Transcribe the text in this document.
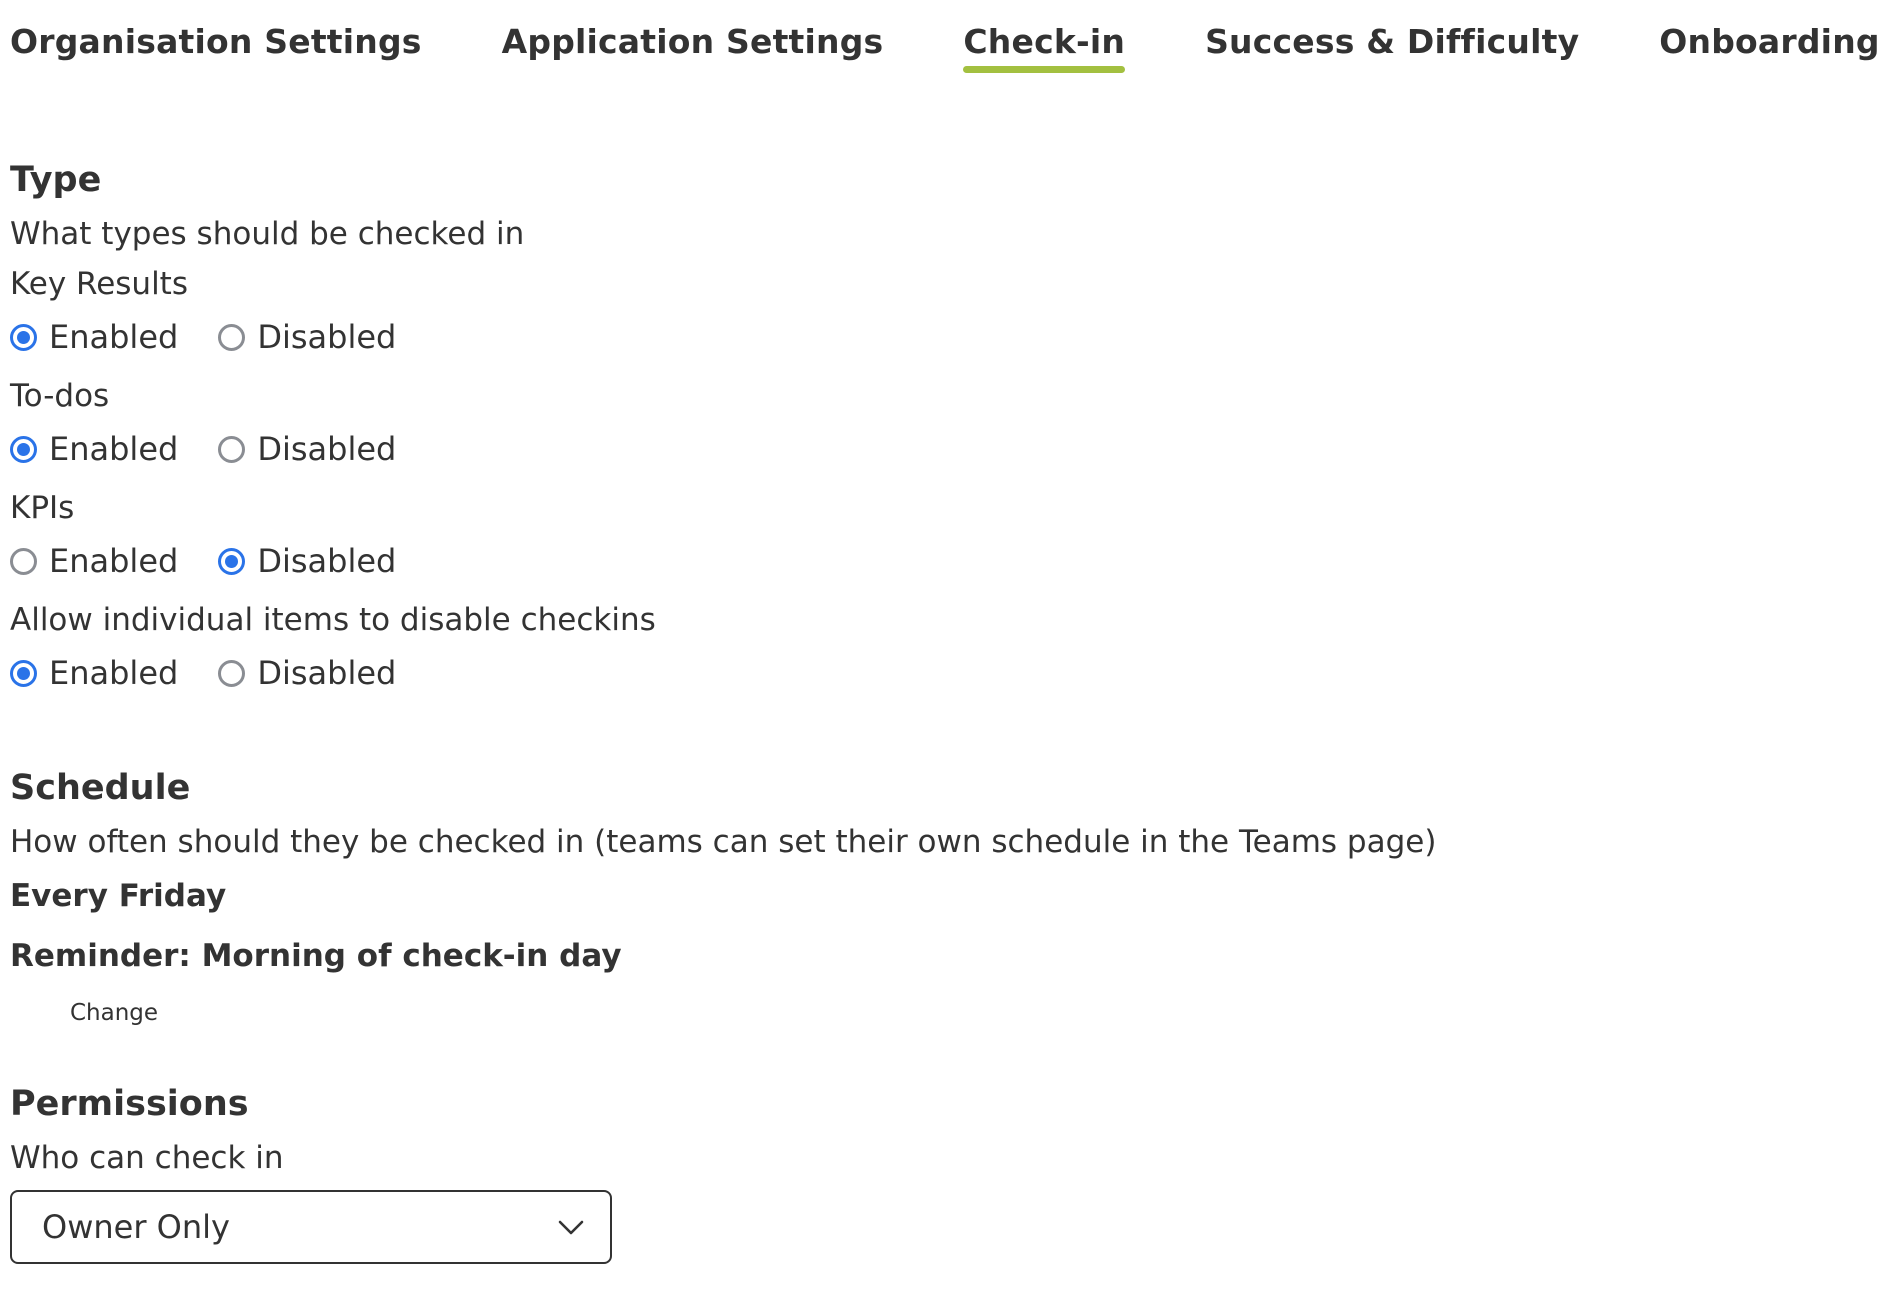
Organisation Settings Application Settings Check-in Success & Difficulty Onboarding
Type

What types should be checked in

Key Results

Enabled Disabled

To-dos

Enabled Disabled

KPIs

Enabled Disabled

Allow individual items to disable checkins

Enabled Disabled
Schedule

How often should they be checked in (teams can set their own schedule in the Teams page)

Every Friday

Reminder: Morning of check-in day

Change
Permissions

Who can check in

Owner Only
